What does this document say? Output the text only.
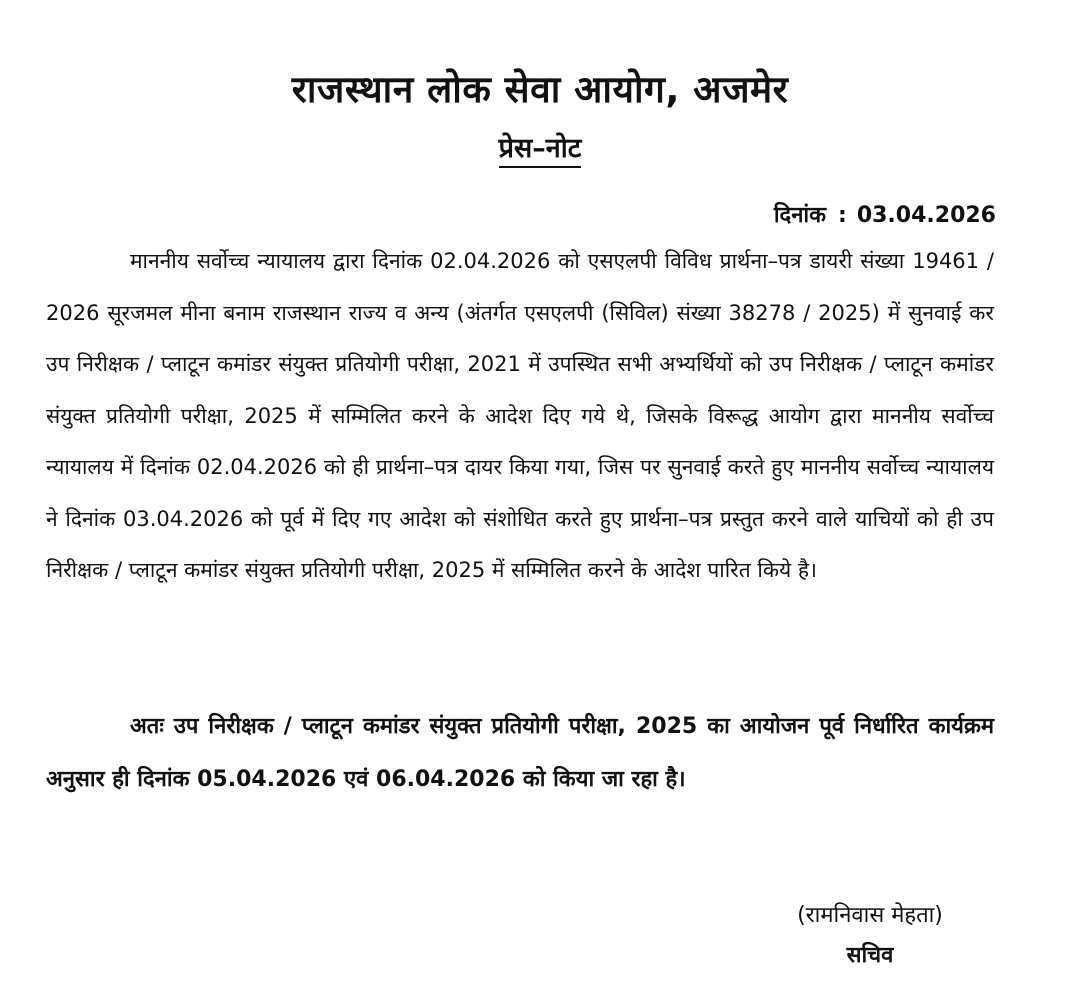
राजस्थान लोक सेवा आयोग, अजमेर
प्रेस–नोट
दिनांक : 03.04.2026
माननीय सर्वोच्च न्यायालय द्वारा दिनांक 02.04.2026 को एसएलपी विविध प्रार्थना–पत्र डायरी संख्या 19461 / 2026 सूरजमल मीना बनाम राजस्थान राज्य व अन्य (अंतर्गत एसएलपी (सिविल) संख्या 38278 / 2025) में सुनवाई कर उप निरीक्षक / प्लाटून कमांडर संयुक्त प्रतियोगी परीक्षा, 2021 में उपस्थित सभी अभ्यर्थियों को उप निरीक्षक / प्लाटून कमांडर संयुक्त प्रतियोगी परीक्षा, 2025 में सम्मिलित करने के आदेश दिए गये थे, जिसके विरूद्ध आयोग द्वारा माननीय सर्वोच्च न्यायालय में दिनांक 02.04.2026 को ही प्रार्थना–पत्र दायर किया गया, जिस पर सुनवाई करते हुए माननीय सर्वोच्च न्यायालय ने दिनांक 03.04.2026 को पूर्व में दिए गए आदेश को संशोधित करते हुए प्रार्थना–पत्र प्रस्तुत करने वाले याचियों को ही उप निरीक्षक / प्लाटून कमांडर संयुक्त प्रतियोगी परीक्षा, 2025 में सम्मिलित करने के आदेश पारित किये है।
अतः उप निरीक्षक / प्लाटून कमांडर संयुक्त प्रतियोगी परीक्षा, 2025 का आयोजन पूर्व निर्धारित कार्यक्रम अनुसार ही दिनांक 05.04.2026 एवं 06.04.2026 को किया जा रहा है।
(रामनिवास मेहता)
सचिव
